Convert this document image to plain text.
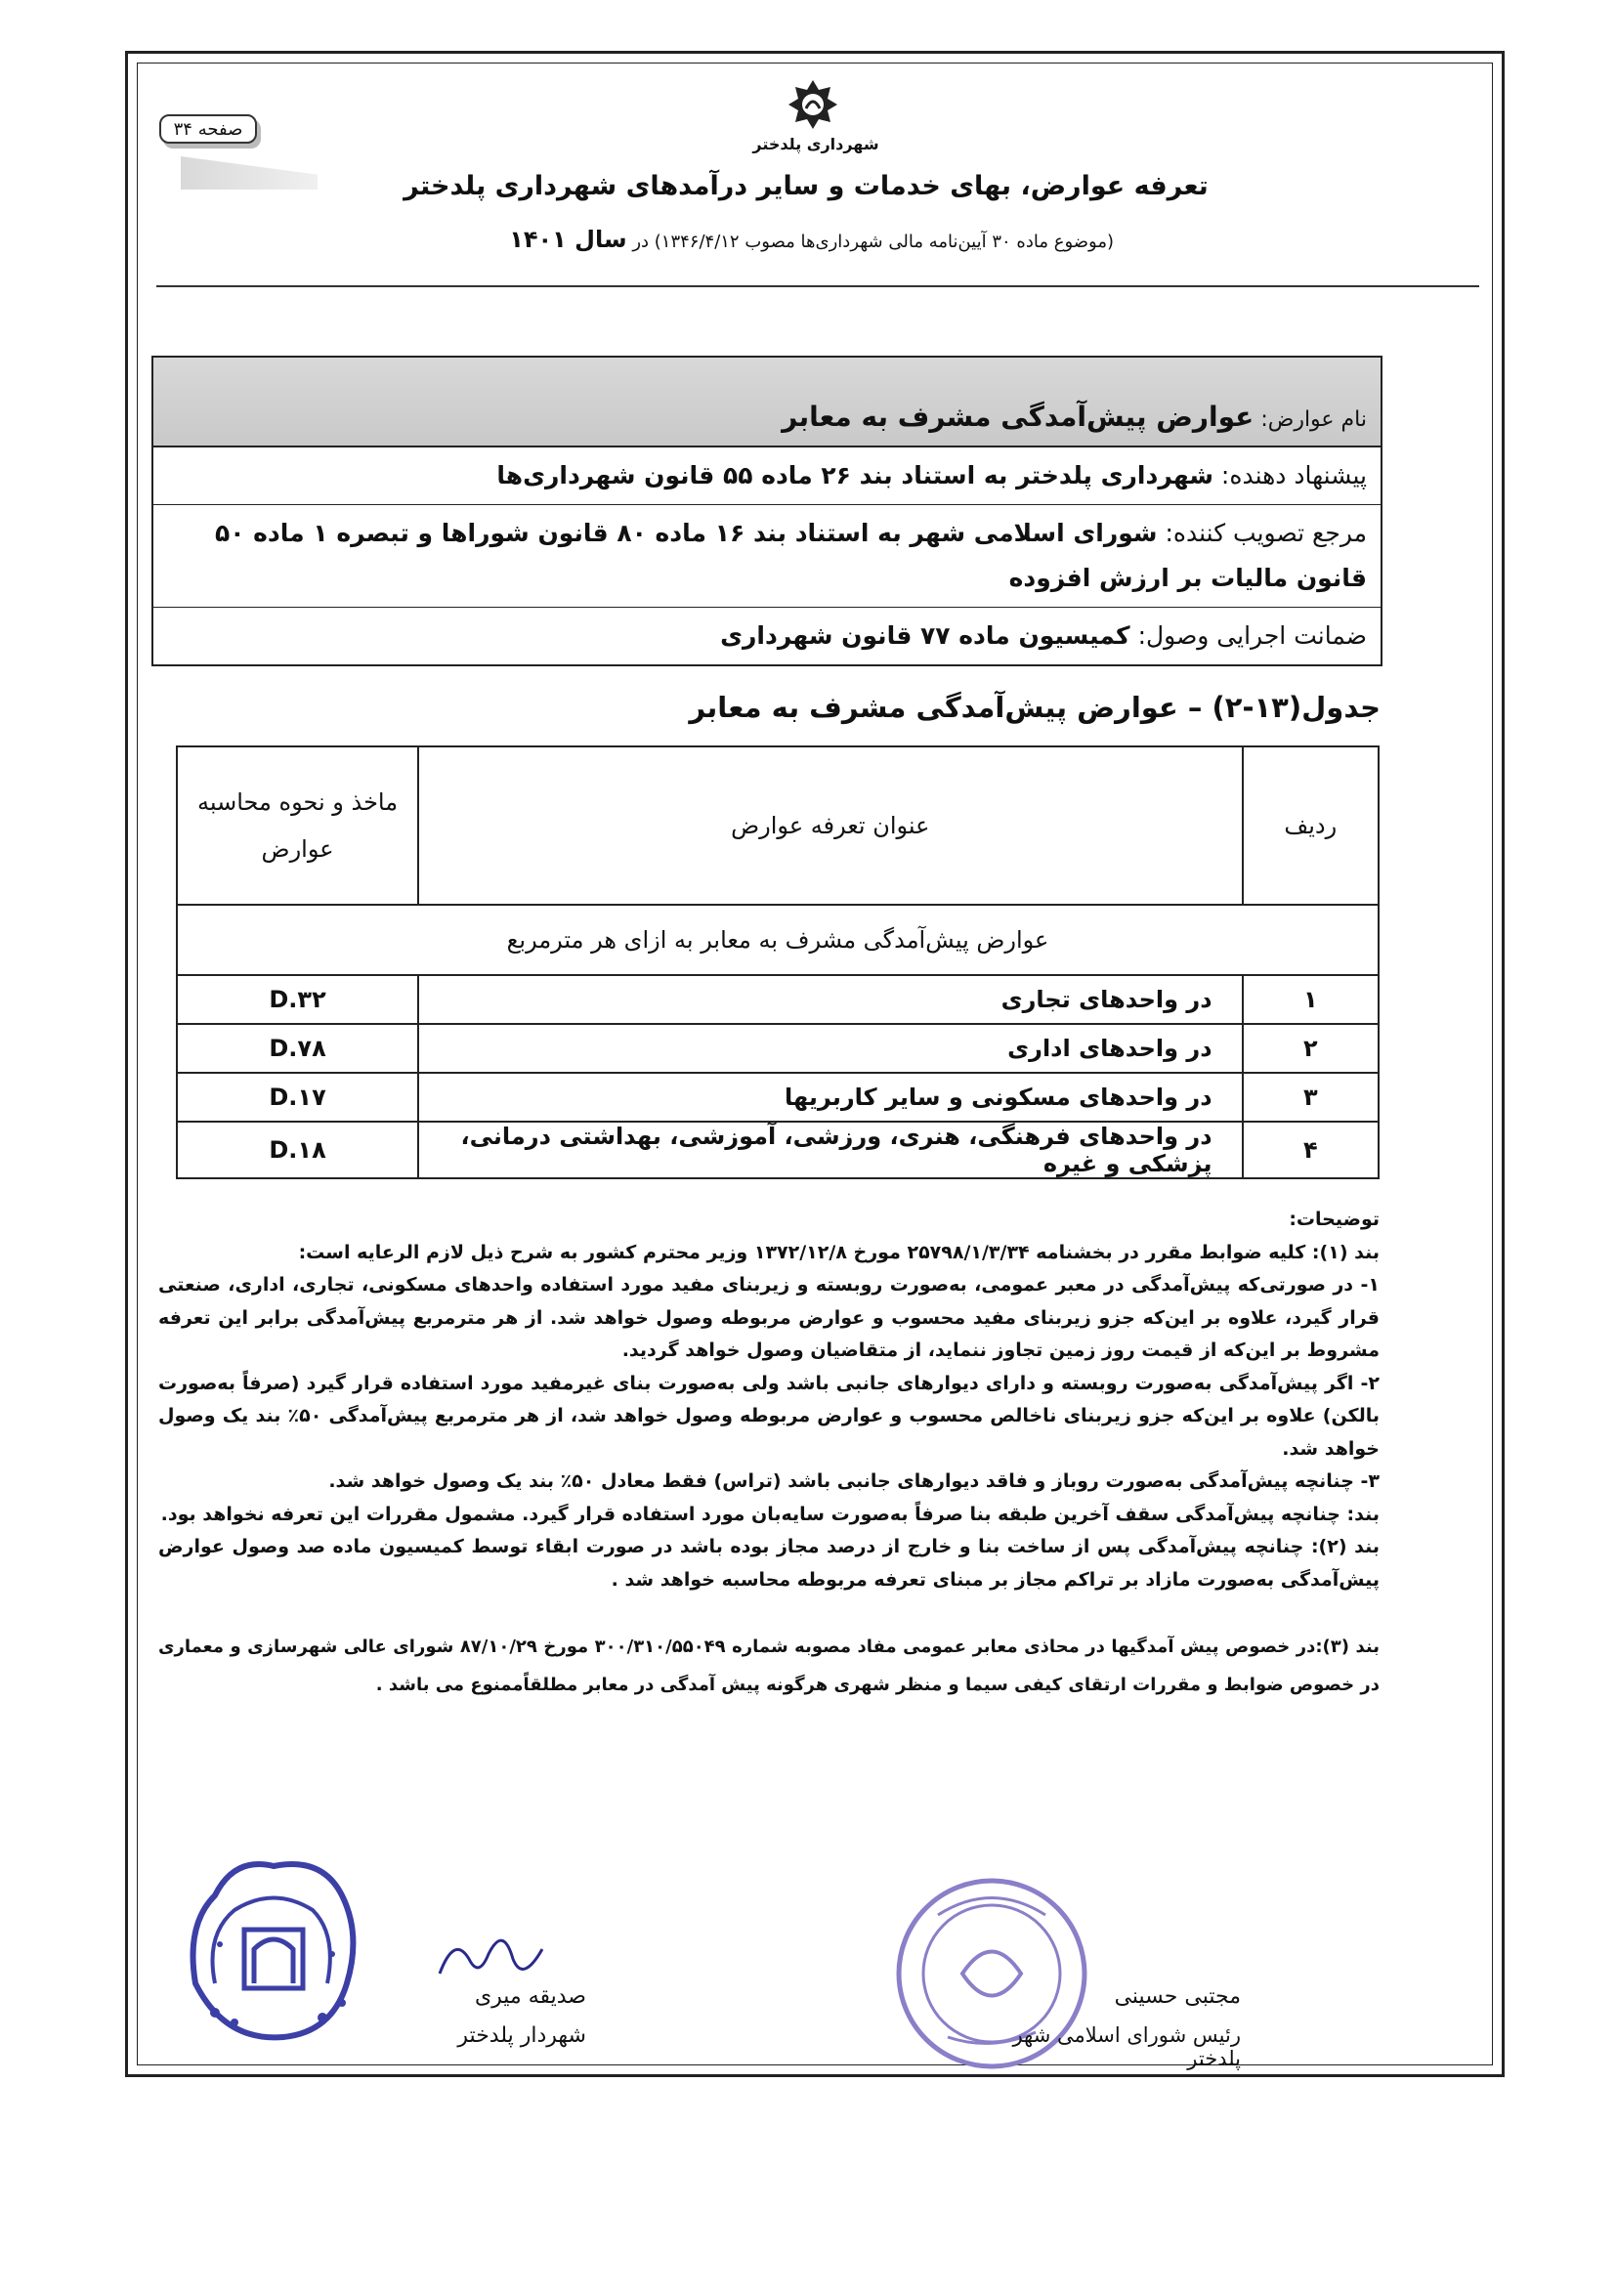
صفحه ۳۴
شهرداری پلدختر
تعرفه عوارض، بهای خدمات و سایر درآمدهای شهرداری پلدختر
(موضوع ماده ۳۰ آیین‌نامه مالی شهرداری‌ها مصوب ۱۳۴۶/۴/۱۲) در سال ۱۴۰۱
نام عوارض: عوارض پیش‌آمدگی مشرف به معابر
پیشنهاد دهنده: شهرداری پلدختر به استناد بند ۲۶ ماده ۵۵ قانون شهرداری‌ها
مرجع تصویب کننده: شورای اسلامی شهر به استناد بند ۱۶ ماده ۸۰ قانون شوراها و تبصره ۱ ماده ۵۰ قانون مالیات بر ارزش افزوده
ضمانت اجرایی وصول: کمیسیون ماده ۷۷ قانون شهرداری
جدول(۱۳-۲) – عوارض پیش‌آمدگی مشرف به معابر
ردیف	عنوان تعرفه عوارض	ماخذ و نحوه محاسبه عوارض
عوارض پیش‌آمدگی مشرف به معابر به ازای هر مترمربع		
۱	در واحدهای تجاری	۳۲.D
۲	در واحدهای اداری	۷۸.D
۳	در واحدهای مسکونی و سایر کاربریها	۱۷.D
۴	در واحدهای فرهنگی، هنری، ورزشی، آموزشی، بهداشتی درمانی، پزشکی و غیره	۱۸.D

توضیحات:

بند (۱): کلیه ضوابط مقرر در بخشنامه ۲۵۷۹۸/۱/۳/۳۴ مورخ ۱۳۷۲/۱۲/۸ وزیر محترم کشور به شرح ذیل لازم الرعایه است:

۱- در صورتی‌که پیش‌آمدگی در معبر عمومی، به‌صورت روبسته و زیربنای مفید مورد استفاده واحدهای مسکونی، تجاری، اداری، صنعتی قرار گیرد، علاوه بر این‌که جزو زیربنای مفید محسوب و عوارض مربوطه وصول خواهد شد. از هر مترمربع پیش‌آمدگی برابر این تعرفه مشروط بر این‌که از قیمت روز زمین تجاوز ننماید، از متقاضیان وصول خواهد گردید.

۲- اگر پیش‌آمدگی به‌صورت روبسته و دارای دیوارهای جانبی باشد ولی به‌صورت بنای غیرمفید مورد استفاده قرار گیرد (صرفاً به‌صورت بالکن) علاوه بر این‌که جزو زیربنای ناخالص محسوب و عوارض مربوطه وصول خواهد شد، از هر مترمربع پیش‌آمدگی ۵۰٪ بند یک وصول خواهد شد.

۳- چنانچه پیش‌آمدگی به‌صورت روباز و فاقد دیوارهای جانبی باشد (تراس) فقط معادل ۵۰٪ بند یک وصول خواهد شد.

بند: چنانچه پیش‌آمدگی سقف آخرین طبقه بنا صرفاً به‌صورت سایه‌بان مورد استفاده قرار گیرد. مشمول مقررات این تعرفه نخواهد بود.

بند (۲): چنانچه پیش‌آمدگی پس از ساخت بنا و خارج از درصد مجاز بوده باشد در صورت ابقاء توسط کمیسیون ماده صد وصول عوارض پیش‌آمدگی به‌صورت مازاد بر تراکم مجاز بر مبنای تعرفه مربوطه محاسبه خواهد شد .

بند (۳):در خصوص پیش آمدگیها در محاذی معابر عمومی مفاد مصوبه شماره ۳۰۰/۳۱۰/۵۵۰۴۹ مورخ ۸۷/۱۰/۲۹ شورای عالی شهرسازی و معماری در خصوص ضوابط و مقررات ارتقای کیفی سیما و منظر شهری هرگونه پیش آمدگی در معابر مطلقاًممنوع می باشد .

صدیقه میری
شهردار پلدختر
مجتبی حسینی
رئیس شورای اسلامی شهر پلدختر
